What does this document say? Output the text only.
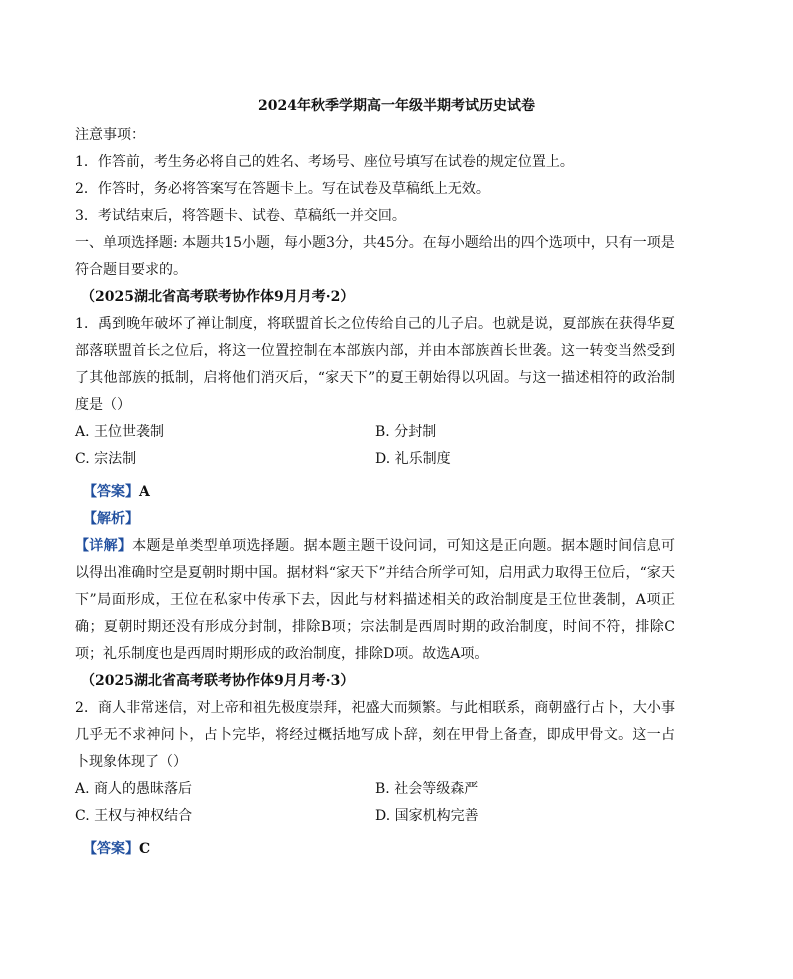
2024年秋季学期高一年级半期考试历史试卷

注意事项：

1．作答前，考生务必将自己的姓名、考场号、座位号填写在试卷的规定位置上。

2．作答时，务必将答案写在答题卡上。写在试卷及草稿纸上无效。

3．考试结束后，将答题卡、试卷、草稿纸一并交回。

一、单项选择题: 本题共15小题，每小题3分，共45分。在每小题给出的四个选项中，只有一项是符合题目要求的。

（2025湖北省高考联考协作体9月月考·2）

1．禹到晚年破坏了禅让制度，将联盟首长之位传给自己的儿子启。也就是说，夏部族在获得华夏部落联盟首长之位后，将这一位置控制在本部族内部，并由本部族酋长世袭。这一转变当然受到了其他部族的抵制，启将他们消灭后，“家天下”的夏王朝始得以巩固。与这一描述相符的政治制度是（）

A. 王位世袭制	B. 分封制

C. 宗法制	D. 礼乐制度

【答案】A

【解析】

【详解】本题是单类型单项选择题。据本题主题干设问词，可知这是正向题。据本题时间信息可以得出准确时空是夏朝时期中国。据材料“家天下”并结合所学可知，启用武力取得王位后，“家天下”局面形成，王位在私家中传承下去，因此与材料描述相关的政治制度是王位世袭制，A项正确；夏朝时期还没有形成分封制，排除B项；宗法制是西周时期的政治制度，时间不符，排除C项；礼乐制度也是西周时期形成的政治制度，排除D项。故选A项。

（2025湖北省高考联考协作体9月月考·3）

2．商人非常迷信，对上帝和祖先极度崇拜，祀盛大而频繁。与此相联系，商朝盛行占卜，大小事几乎无不求神问卜，占卜完毕，将经过概括地写成卜辞，刻在甲骨上备查，即成甲骨文。这一占卜现象体现了（）

A. 商人的愚昧落后	B. 社会等级森严

C. 王权与神权结合	D. 国家机构完善

【答案】C
